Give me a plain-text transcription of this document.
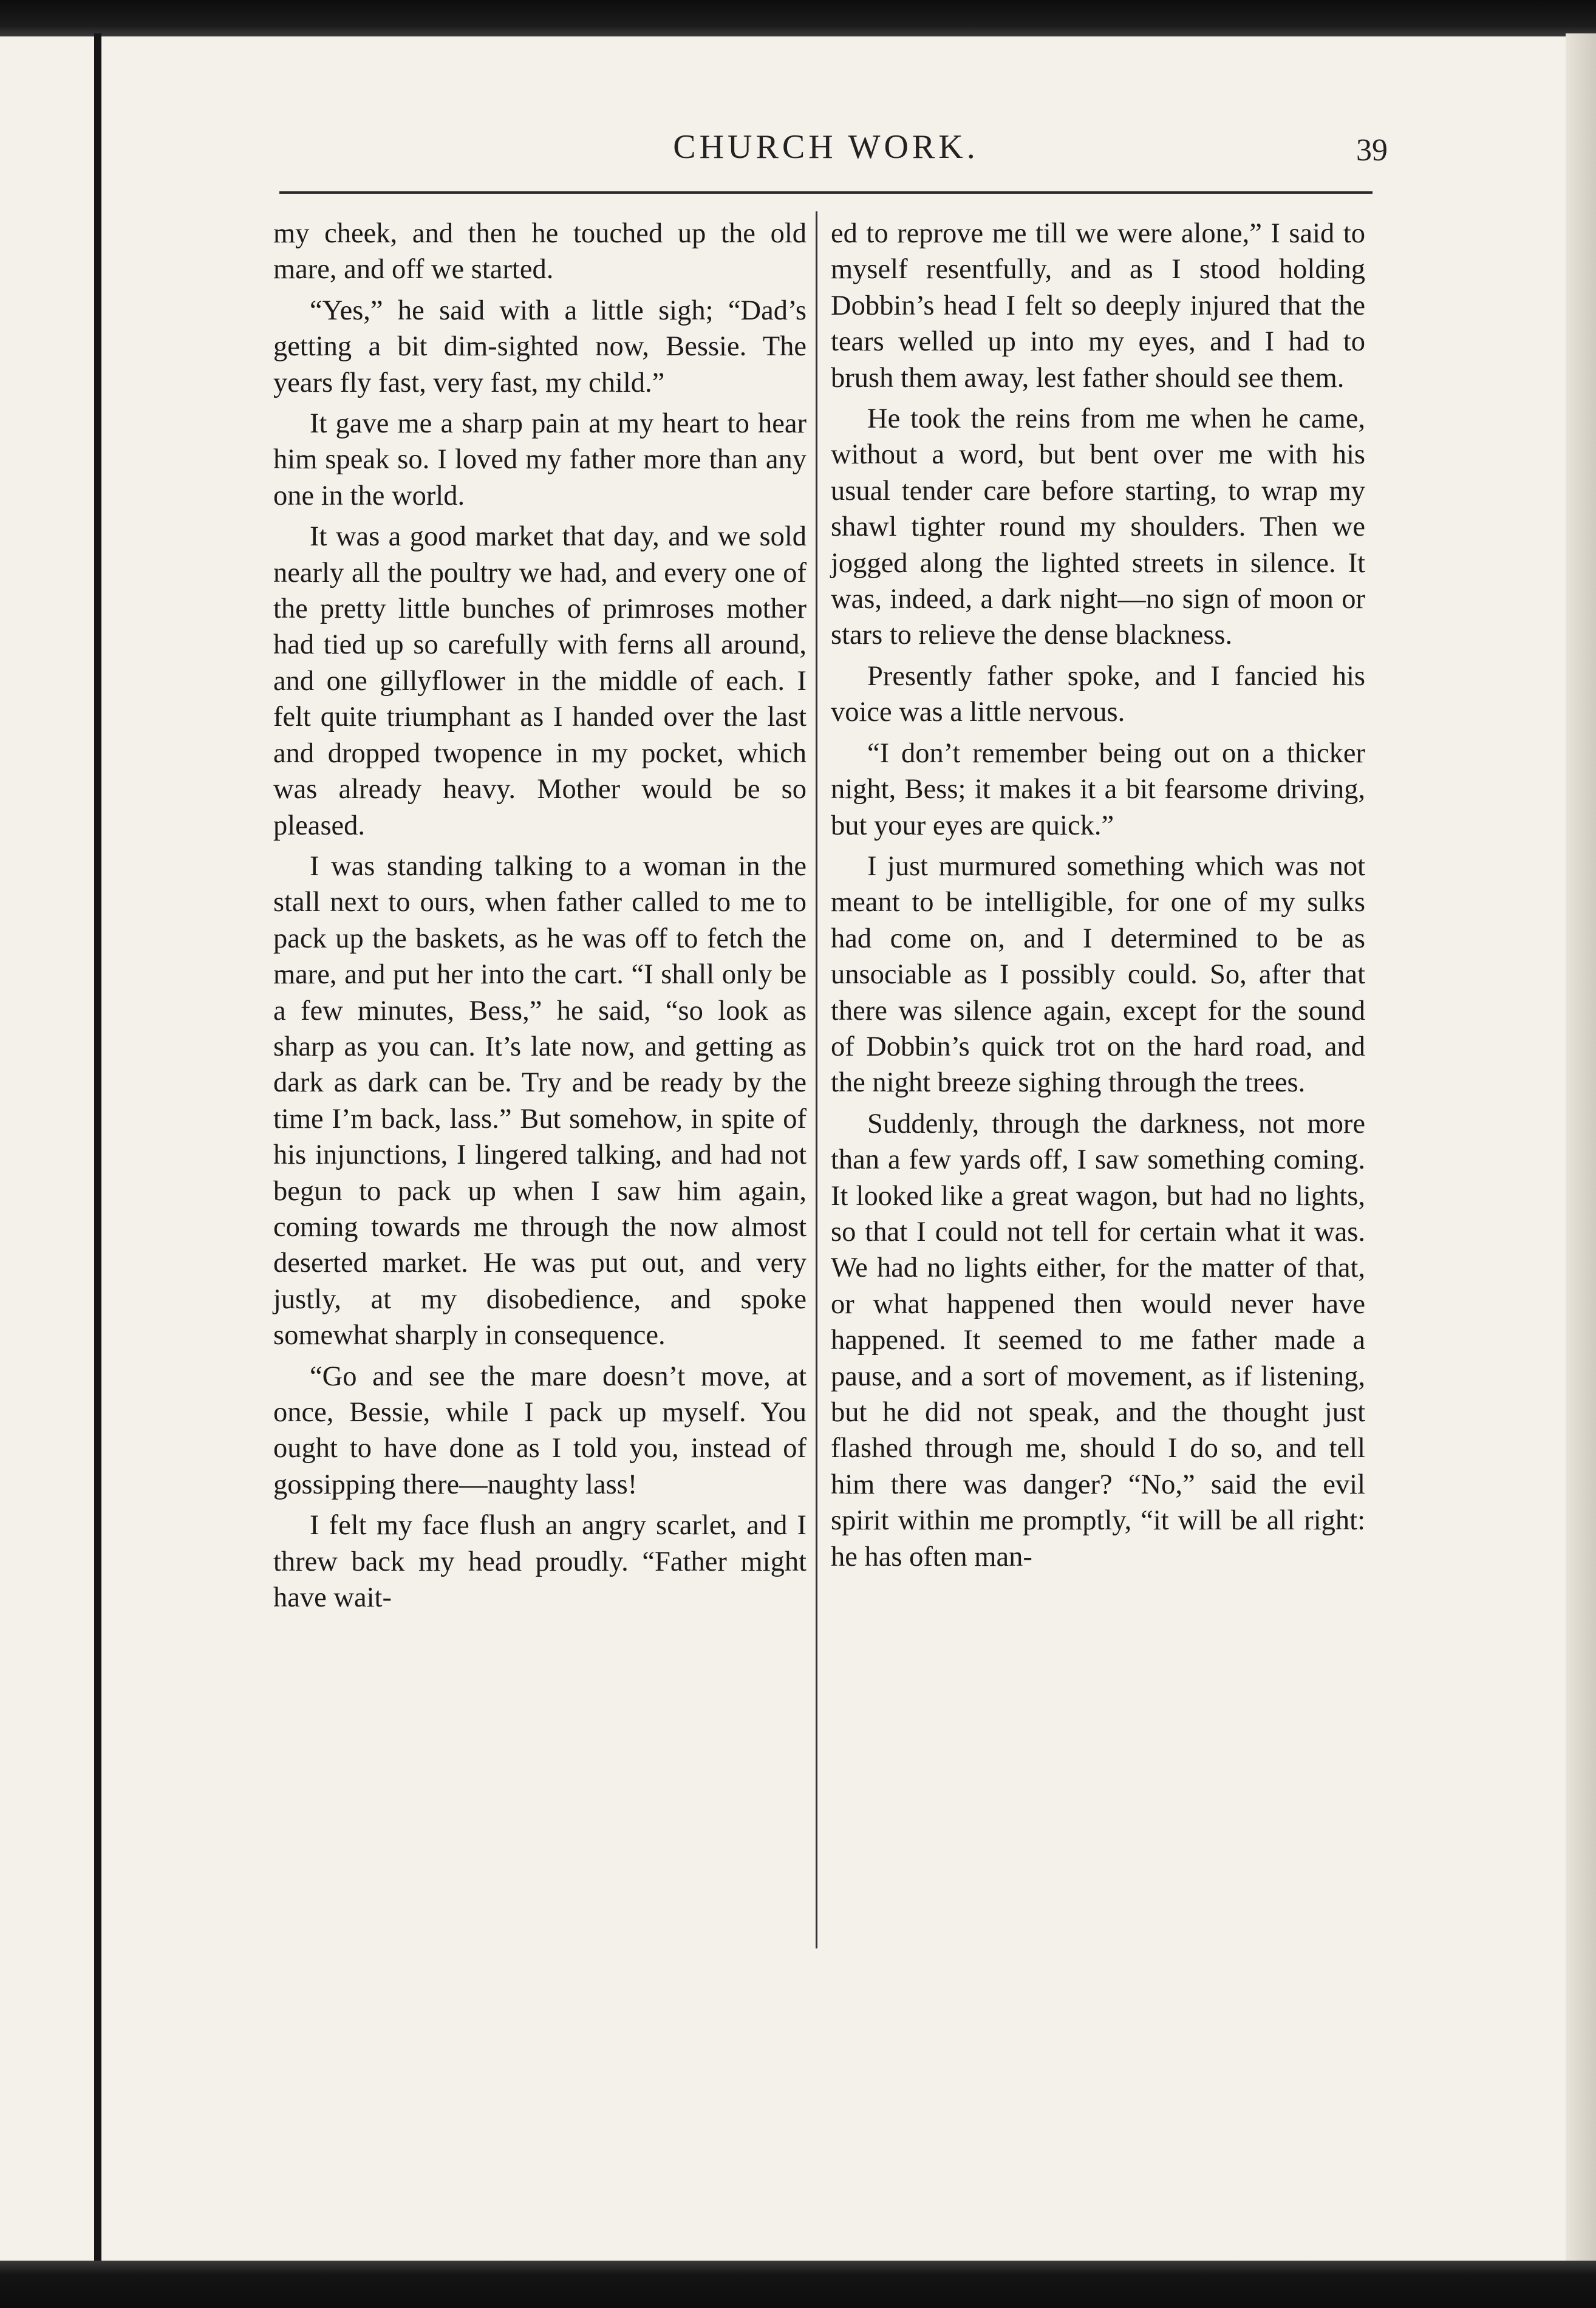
CHURCH WORK.	39

my cheek, and then he touched up the old mare, and off we started.

“Yes,” he said with a little sigh; “Dad’s getting a bit dim-sighted now, Bessie. The years fly fast, very fast, my child.”

It gave me a sharp pain at my heart to hear him speak so. I loved my father more than any one in the world.

It was a good market that day, and we sold nearly all the poultry we had, and every one of the pretty little bunches of primroses mother had tied up so carefully with ferns all around, and one gillyflower in the middle of each. I felt quite triumphant as I handed over the last and dropped twopence in my pocket, which was already heavy. Mother would be so pleased.

I was standing talking to a woman in the stall next to ours, when father called to me to pack up the baskets, as he was off to fetch the mare, and put her into the cart. “I shall only be a few minutes, Bess,” he said, “so look as sharp as you can. It’s late now, and getting as dark as dark can be. Try and be ready by the time I’m back, lass.” But somehow, in spite of his injunctions, I lingered talking, and had not begun to pack up when I saw him again, coming towards me through the now almost deserted market. He was put out, and very justly, at my disobedience, and spoke somewhat sharply in consequence.

“Go and see the mare doesn’t move, at once, Bessie, while I pack up myself. You ought to have done as I told you, instead of gossipping there—naughty lass!

I felt my face flush an angry scarlet, and I threw back my head proudly. “Father might have wait-

ed to reprove me till we were alone,” I said to myself resentfully, and as I stood holding Dobbin’s head I felt so deeply injured that the tears welled up into my eyes, and I had to brush them away, lest father should see them.

He took the reins from me when he came, without a word, but bent over me with his usual tender care before starting, to wrap my shawl tighter round my shoulders. Then we jogged along the lighted streets in silence. It was, indeed, a dark night—no sign of moon or stars to relieve the dense blackness.

Presently father spoke, and I fancied his voice was a little nervous.

“I don’t remember being out on a thicker night, Bess; it makes it a bit fearsome driving, but your eyes are quick.”

I just murmured something which was not meant to be intelligible, for one of my sulks had come on, and I determined to be as unsociable as I possibly could. So, after that there was silence again, except for the sound of Dobbin’s quick trot on the hard road, and the night breeze sighing through the trees.

Suddenly, through the darkness, not more than a few yards off, I saw something coming. It looked like a great wagon, but had no lights, so that I could not tell for certain what it was. We had no lights either, for the matter of that, or what happened then would never have happened. It seemed to me father made a pause, and a sort of movement, as if listening, but he did not speak, and the thought just flashed through me, should I do so, and tell him there was danger? “No,” said the evil spirit within me promptly, “it will be all right: he has often man-
